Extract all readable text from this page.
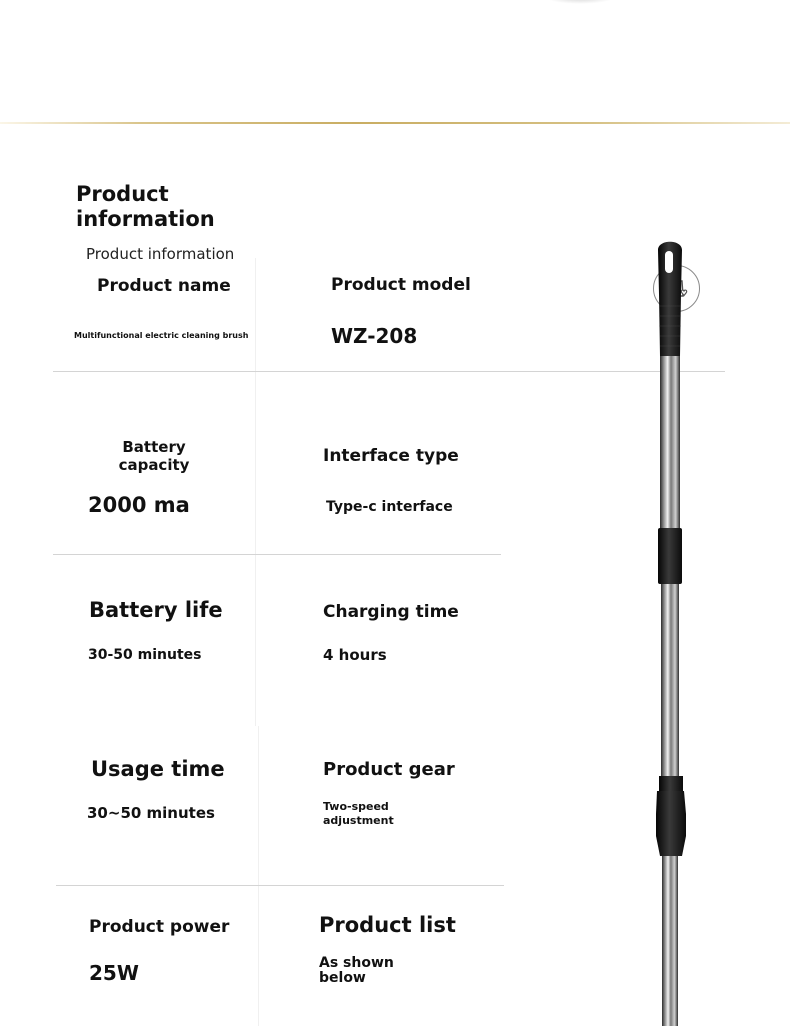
Product information
Product information
Product name
Multifunctional electric cleaning brush
Product model
WZ-208
Battery capacity
2000 ma
Interface type
Type-c interface
Battery life
30-50 minutes
Charging time
4 hours
Usage time
30~50 minutes
Product gear
Two-speed adjustment
Product power
25W
Product list
As shown below
